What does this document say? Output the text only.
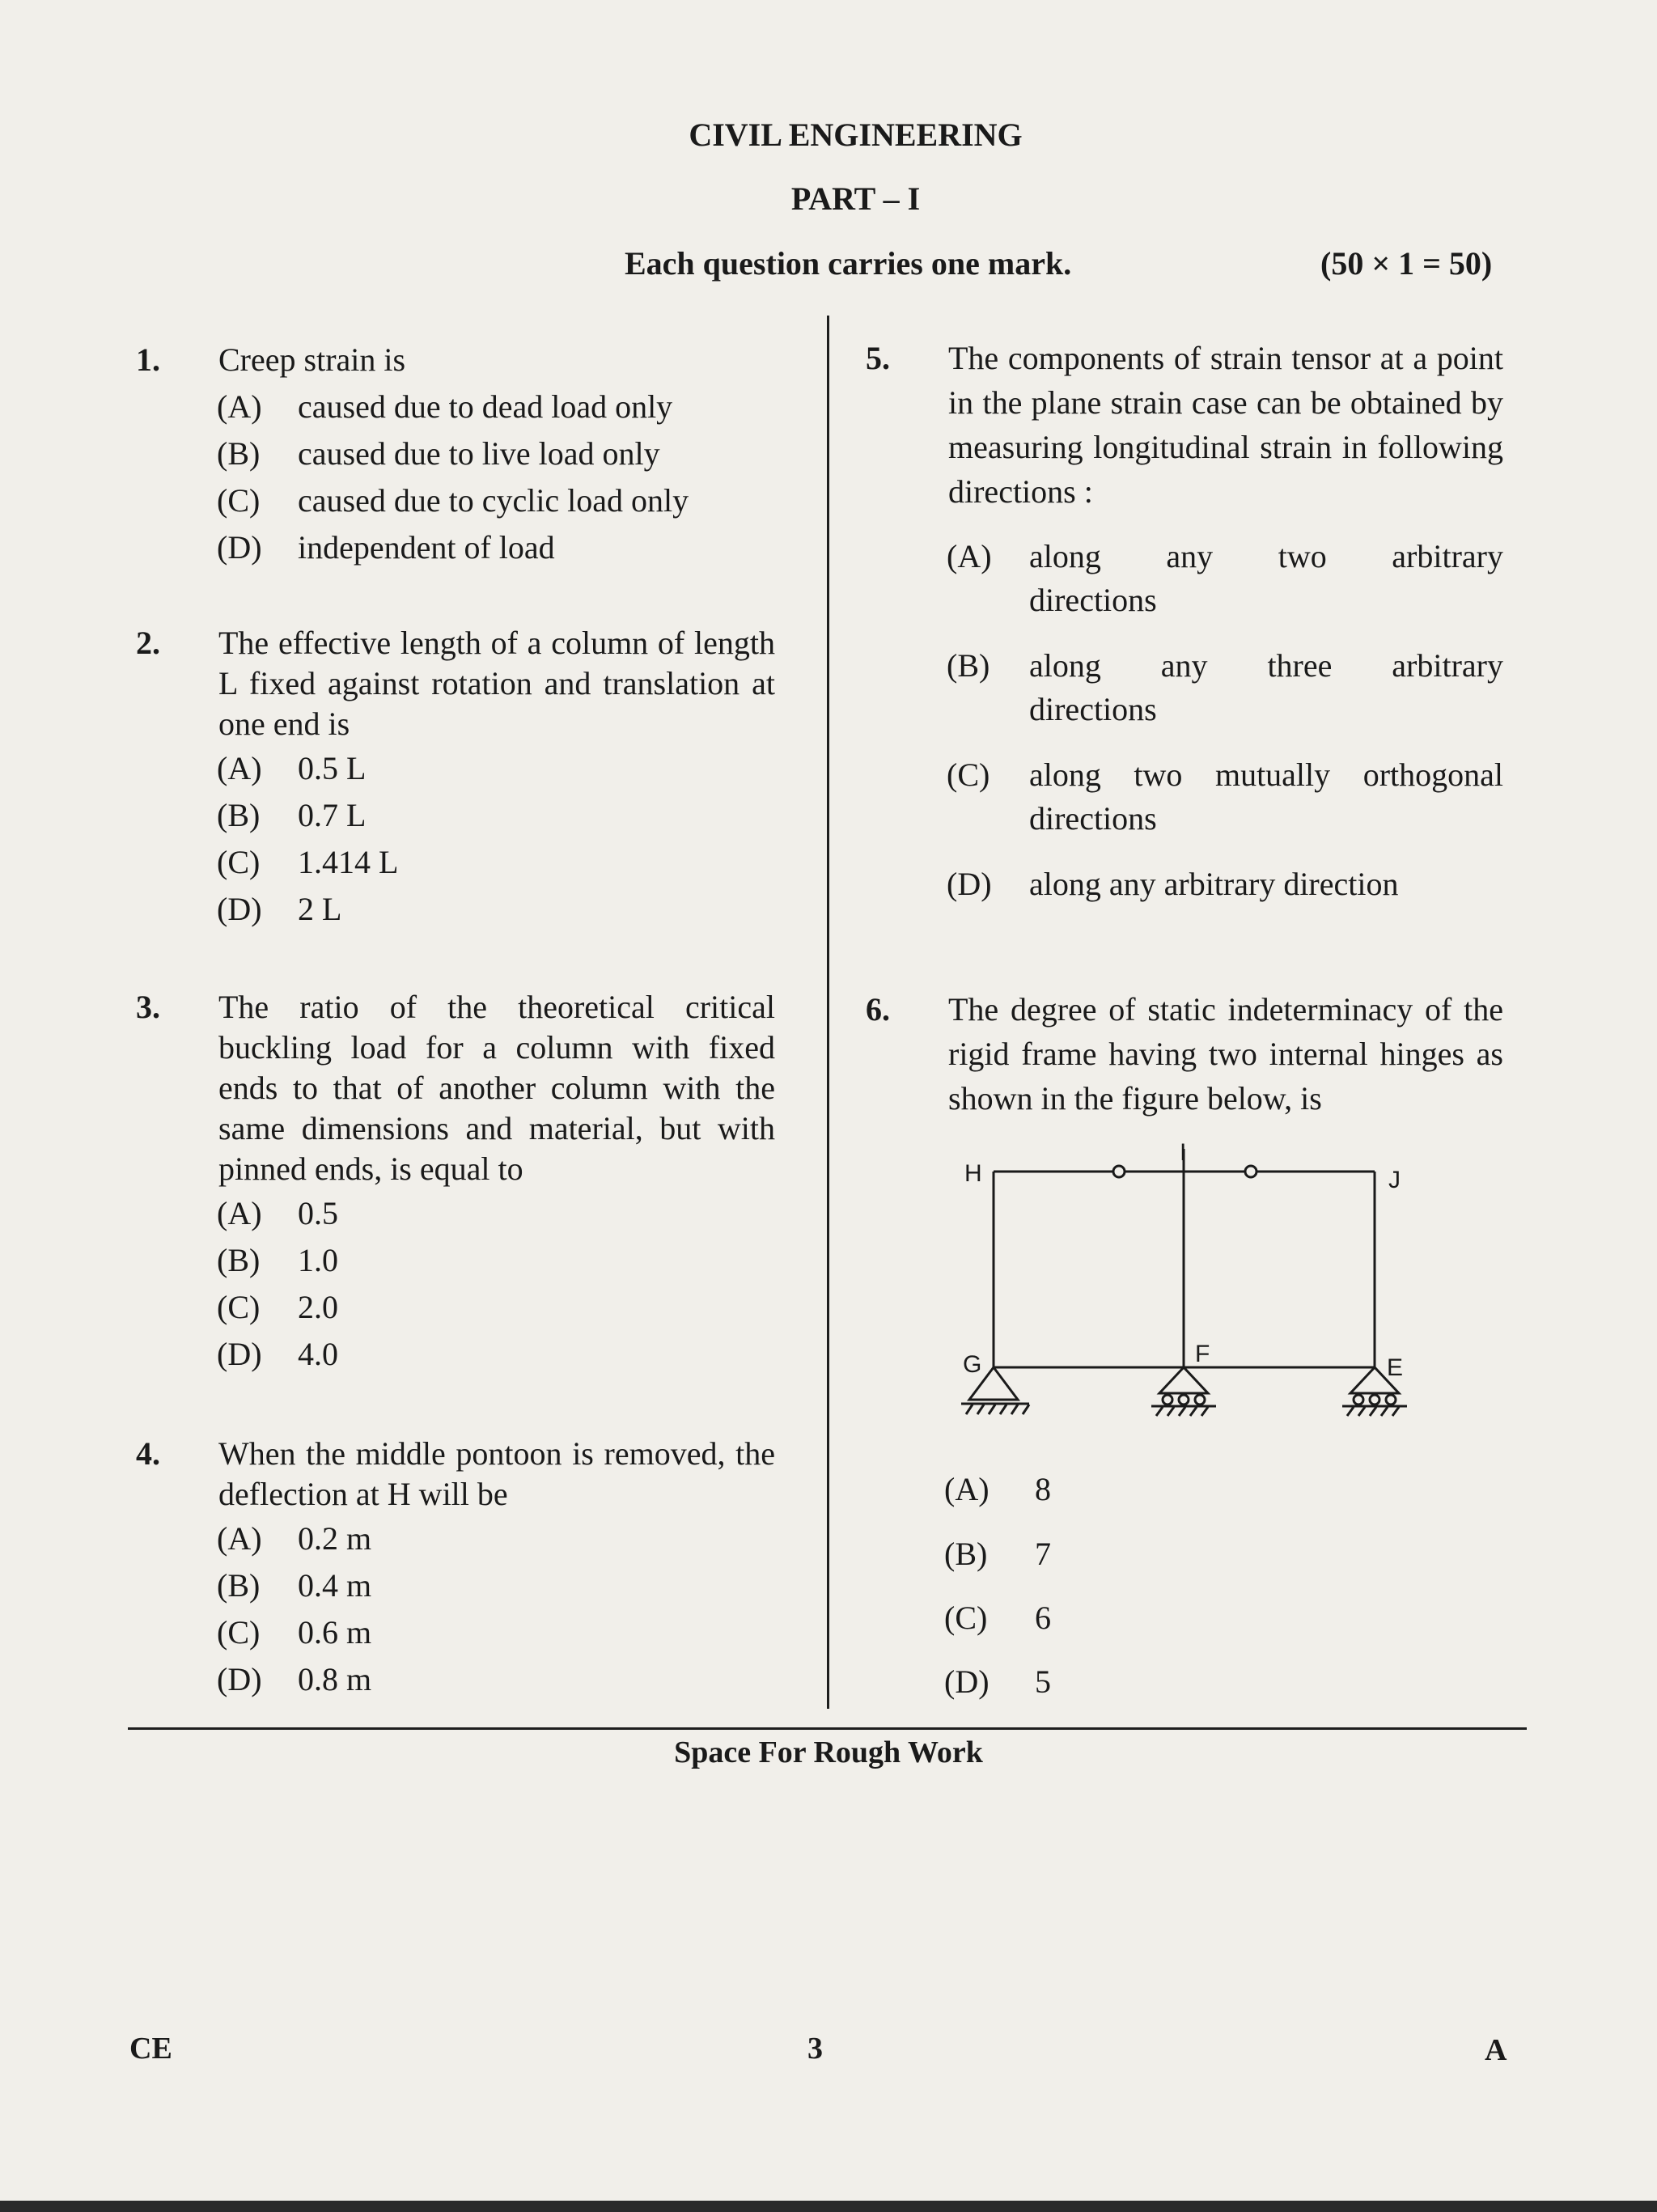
CIVIL ENGINEERING
PART – I
Each question carries one mark.	(50 × 1 = 50)
1. Creep strain is
(A) caused due to dead load only
(B) caused due to live load only
(C) caused due to cyclic load only
(D) independent of load
2. The effective length of a column of length L fixed against rotation and translation at one end is
(A) 0.5 L
(B) 0.7 L
(C) 1.414 L
(D) 2 L
3. The ratio of the theoretical critical buckling load for a column with fixed ends to that of another column with the same dimensions and material, but with pinned ends, is equal to
(A) 0.5
(B) 1.0
(C) 2.0
(D) 4.0
4. When the middle pontoon is removed, the deflection at H will be
(A) 0.2 m
(B) 0.4 m
(C) 0.6 m
(D) 0.8 m
5. The components of strain tensor at a point in the plane strain case can be obtained by measuring longitudinal strain in following directions :
(A) along any two arbitrary
directions
(B) along any three arbitrary
directions
(C) along two mutually orthogonal
directions
(D) along any arbitrary direction
6. The degree of static indeterminacy of the rigid frame having two internal hinges as shown in the figure below, is
(A) 8
(B) 7
(C) 6
(D) 5
H
I
J
G	F
E
Space For Rough Work
CE	3	A
